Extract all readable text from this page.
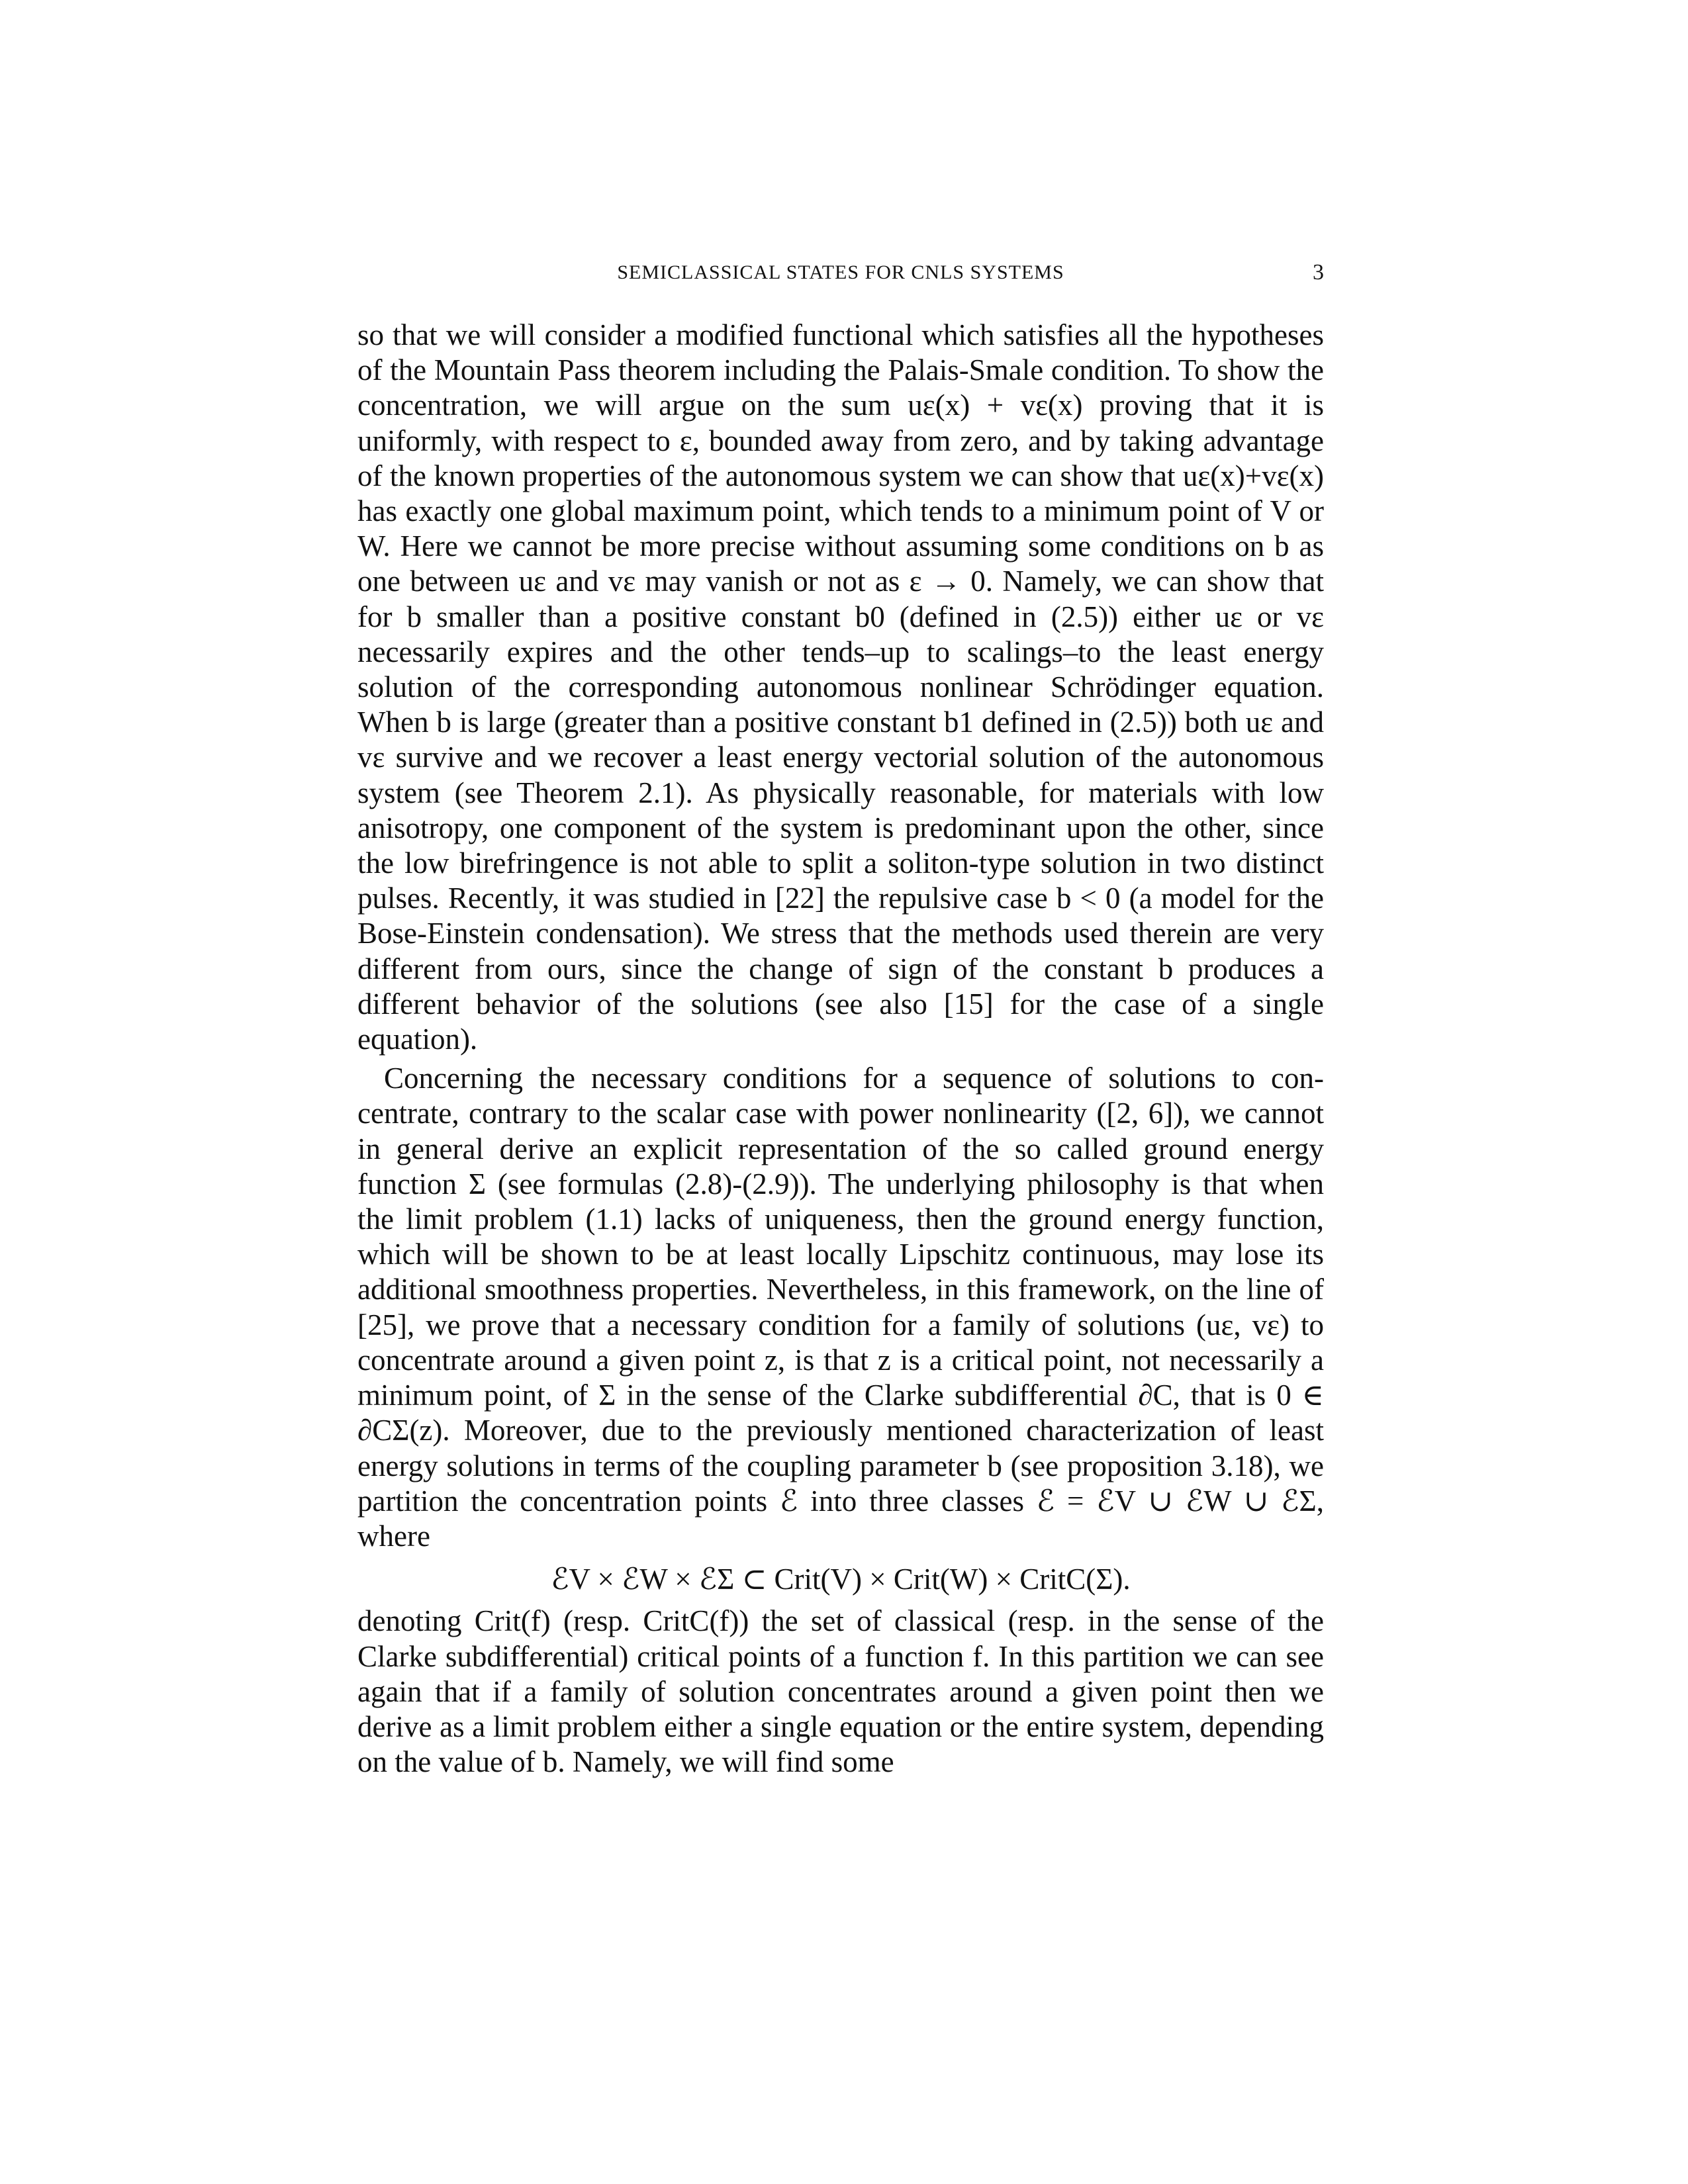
SEMICLASSICAL STATES FOR CNLS SYSTEMS	3

so that we will consider a modified functional which satisfies all the hypotheses of the Mountain Pass theorem including the Palais-Smale condition. To show the concentration, we will argue on the sum uε(x) + vε(x) proving that it is uniformly, with respect to ε, bounded away from zero, and by taking advantage of the known properties of the autonomous system we can show that uε(x)+vε(x) has exactly one global maximum point, which tends to a minimum point of V or W. Here we cannot be more precise without assuming some conditions on b as one between uε and vε may vanish or not as ε → 0. Namely, we can show that for b smaller than a positive constant b0 (defined in (2.5)) either uε or vε necessarily expires and the other tends–up to scalings–to the least energy solution of the corresponding autonomous nonlinear Schrödinger equation. When b is large (greater than a positive constant b1 defined in (2.5)) both uε and vε survive and we recover a least energy vectorial solution of the autonomous system (see Theorem 2.1). As physically reasonable, for materials with low anisotropy, one component of the system is predominant upon the other, since the low birefringence is not able to split a soliton-type solution in two distinct pulses. Recently, it was studied in [22] the repulsive case b < 0 (a model for the Bose-Einstein condensation). We stress that the methods used therein are very different from ours, since the change of sign of the constant b produces a different behavior of the solutions (see also [15] for the case of a single equation).

Concerning the necessary conditions for a sequence of solutions to concentrate, contrary to the scalar case with power nonlinearity ([2, 6]), we cannot in general derive an explicit representation of the so called ground energy function Σ (see formulas (2.8)-(2.9)). The underlying philosophy is that when the limit problem (1.1) lacks of uniqueness, then the ground energy function, which will be shown to be at least locally Lipschitz continuous, may lose its additional smoothness properties. Nevertheless, in this framework, on the line of [25], we prove that a necessary condition for a family of solutions (uε, vε) to concentrate around a given point z, is that z is a critical point, not necessarily a minimum point, of Σ in the sense of the Clarke subdifferential ∂C, that is 0 ∈ ∂CΣ(z). Moreover, due to the previously mentioned characterization of least energy solutions in terms of the coupling parameter b (see proposition 3.18), we partition the concentration points ℰ into three classes ℰ = ℰV ∪ ℰW ∪ ℰΣ, where

ℰV × ℰW × ℰΣ ⊂ Crit(V) × Crit(W) × CritC(Σ).

denoting Crit(f) (resp. CritC(f)) the set of classical (resp. in the sense of the Clarke subdifferential) critical points of a function f. In this partition we can see again that if a family of solution concentrates around a given point then we derive as a limit problem either a single equation or the entire system, depending on the value of b. Namely, we will find some
